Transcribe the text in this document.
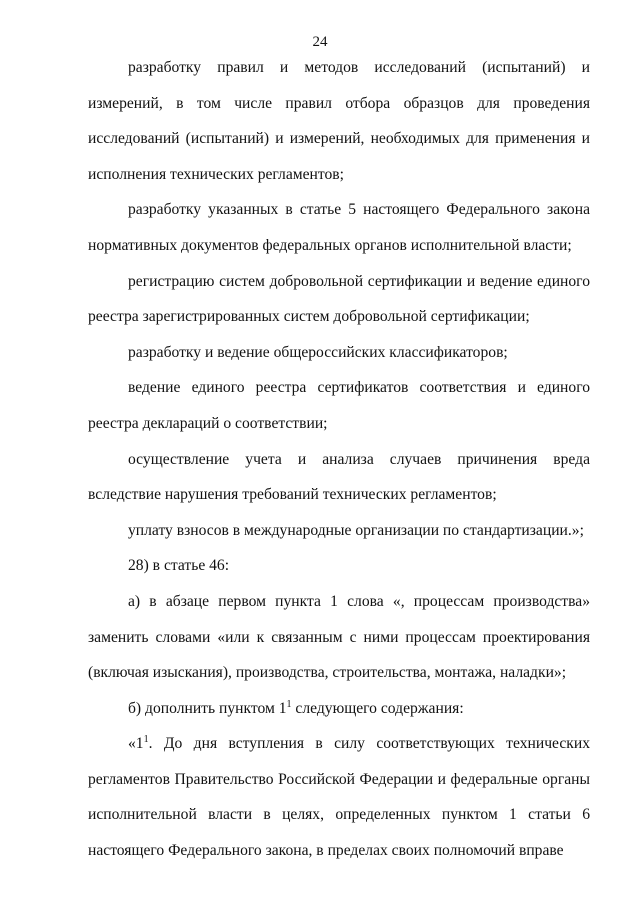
24

разработку правил и методов исследований (испытаний) и измерений, в том числе правил отбора образцов для проведения исследований (испытаний) и измерений, необходимых для применения и исполнения технических регламентов;

разработку указанных в статье 5 настоящего Федерального закона нормативных документов федеральных органов исполнительной власти;

регистрацию систем добровольной сертификации и ведение единого реестра зарегистрированных систем добровольной сертификации;

разработку и ведение общероссийских классификаторов;

ведение единого реестра сертификатов соответствия и единого реестра деклараций о соответствии;

осуществление учета и анализа случаев причинения вреда вследствие нарушения требований технических регламентов;

уплату взносов в международные организации по стандартизации.»;

28) в статье 46:

а) в абзаце первом пункта 1 слова «, процессам производства» заменить словами «или к связанным с ними процессам проектирования (включая изыскания), производства, строительства, монтажа, наладки»;

б) дополнить пунктом $1^1$ следующего содержания:

«$1^1$. До дня вступления в силу соответствующих технических регламентов Правительство Российской Федерации и федеральные органы исполнительной власти в целях, определенных пунктом 1 статьи 6 настоящего Федерального закона, в пределах своих полномочий вправе
